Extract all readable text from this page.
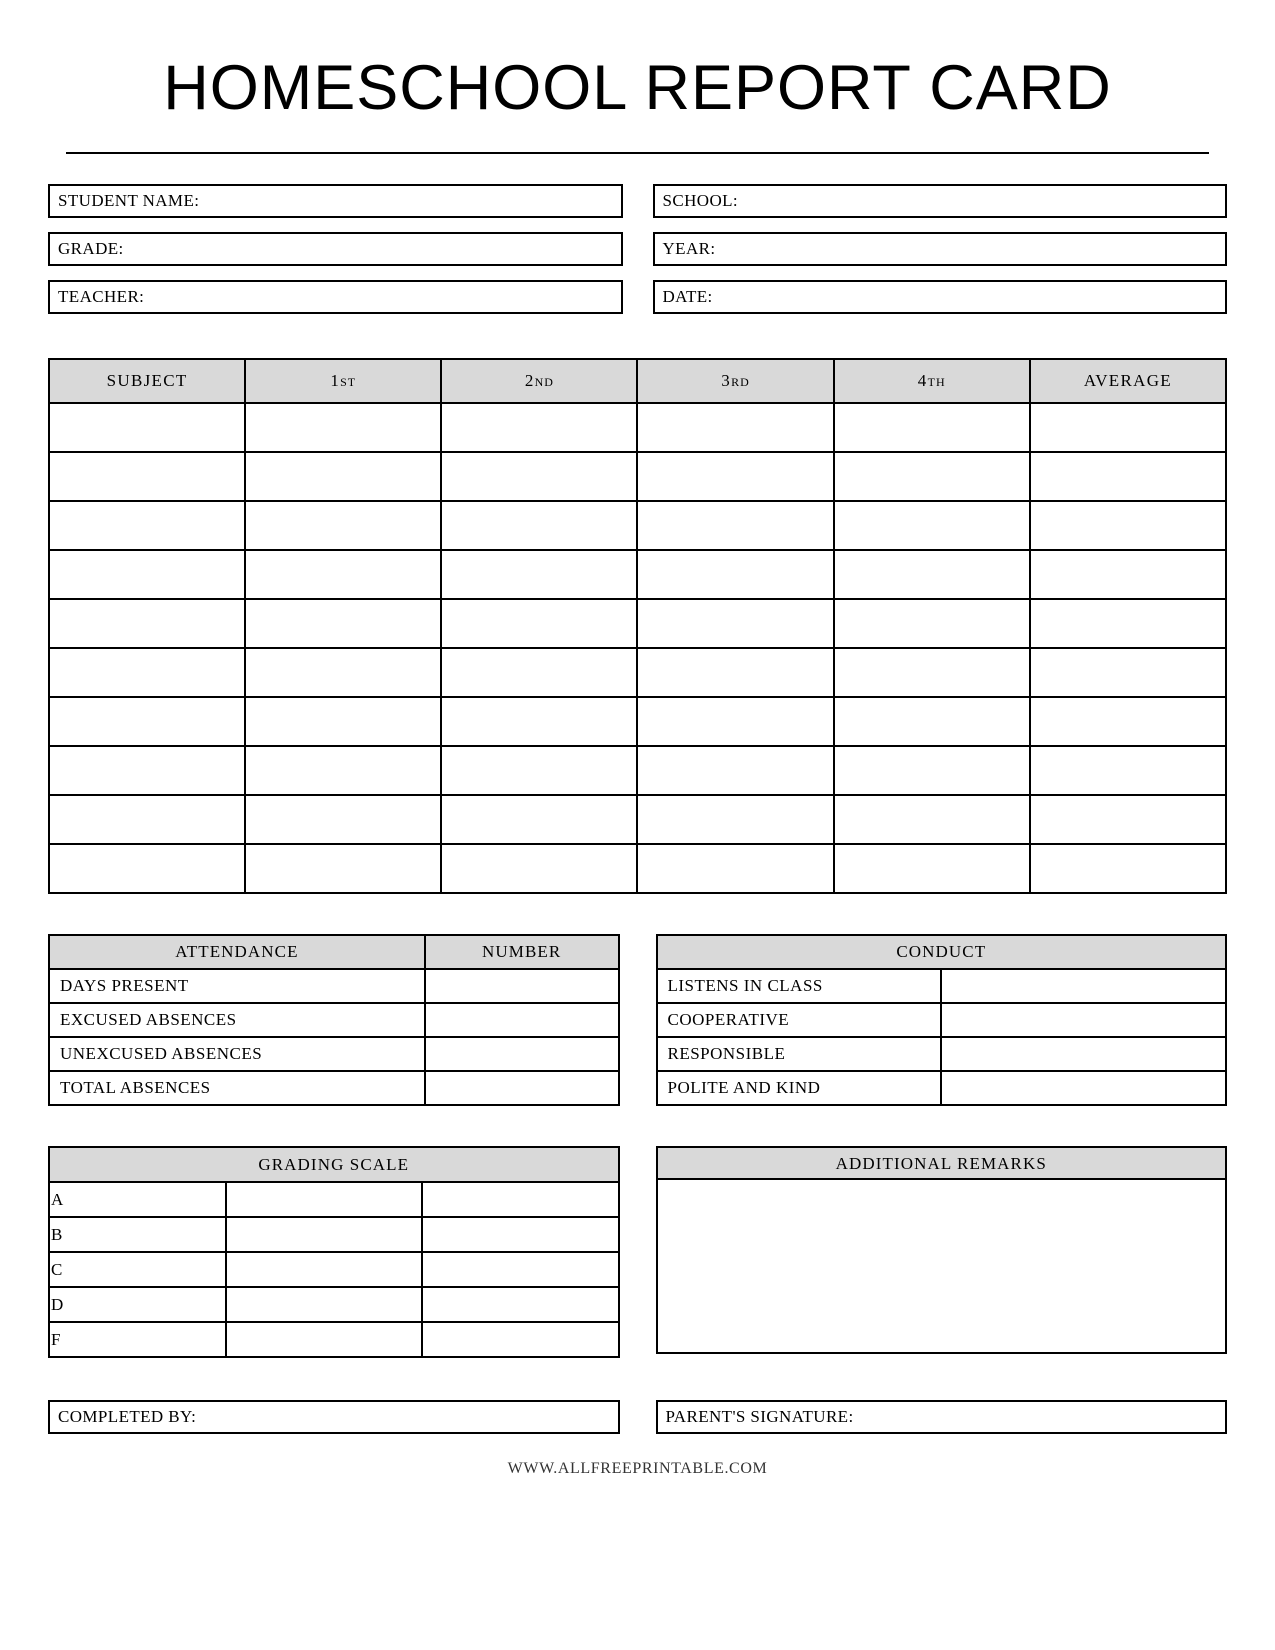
HOMESCHOOL REPORT CARD
STUDENT NAME:	SCHOOL:
GRADE:	YEAR:
TEACHER:	DATE:
SUBJECT	1ST	2ND	3RD	4TH	AVERAGE

ATTENDANCE	NUMBER
DAYS PRESENT	
EXCUSED ABSENCES	
UNEXCUSED ABSENCES	
TOTAL ABSENCES	
CONDUCT	
LISTENS IN CLASS	
COOPERATIVE	
RESPONSIBLE	
POLITE AND KIND	
GRADING SCALE		
A		
B		
C		
D		
F		
ADDITIONAL REMARKS
COMPLETED BY:	PARENT'S SIGNATURE:
WWW.ALLFREEPRINTABLE.COM
